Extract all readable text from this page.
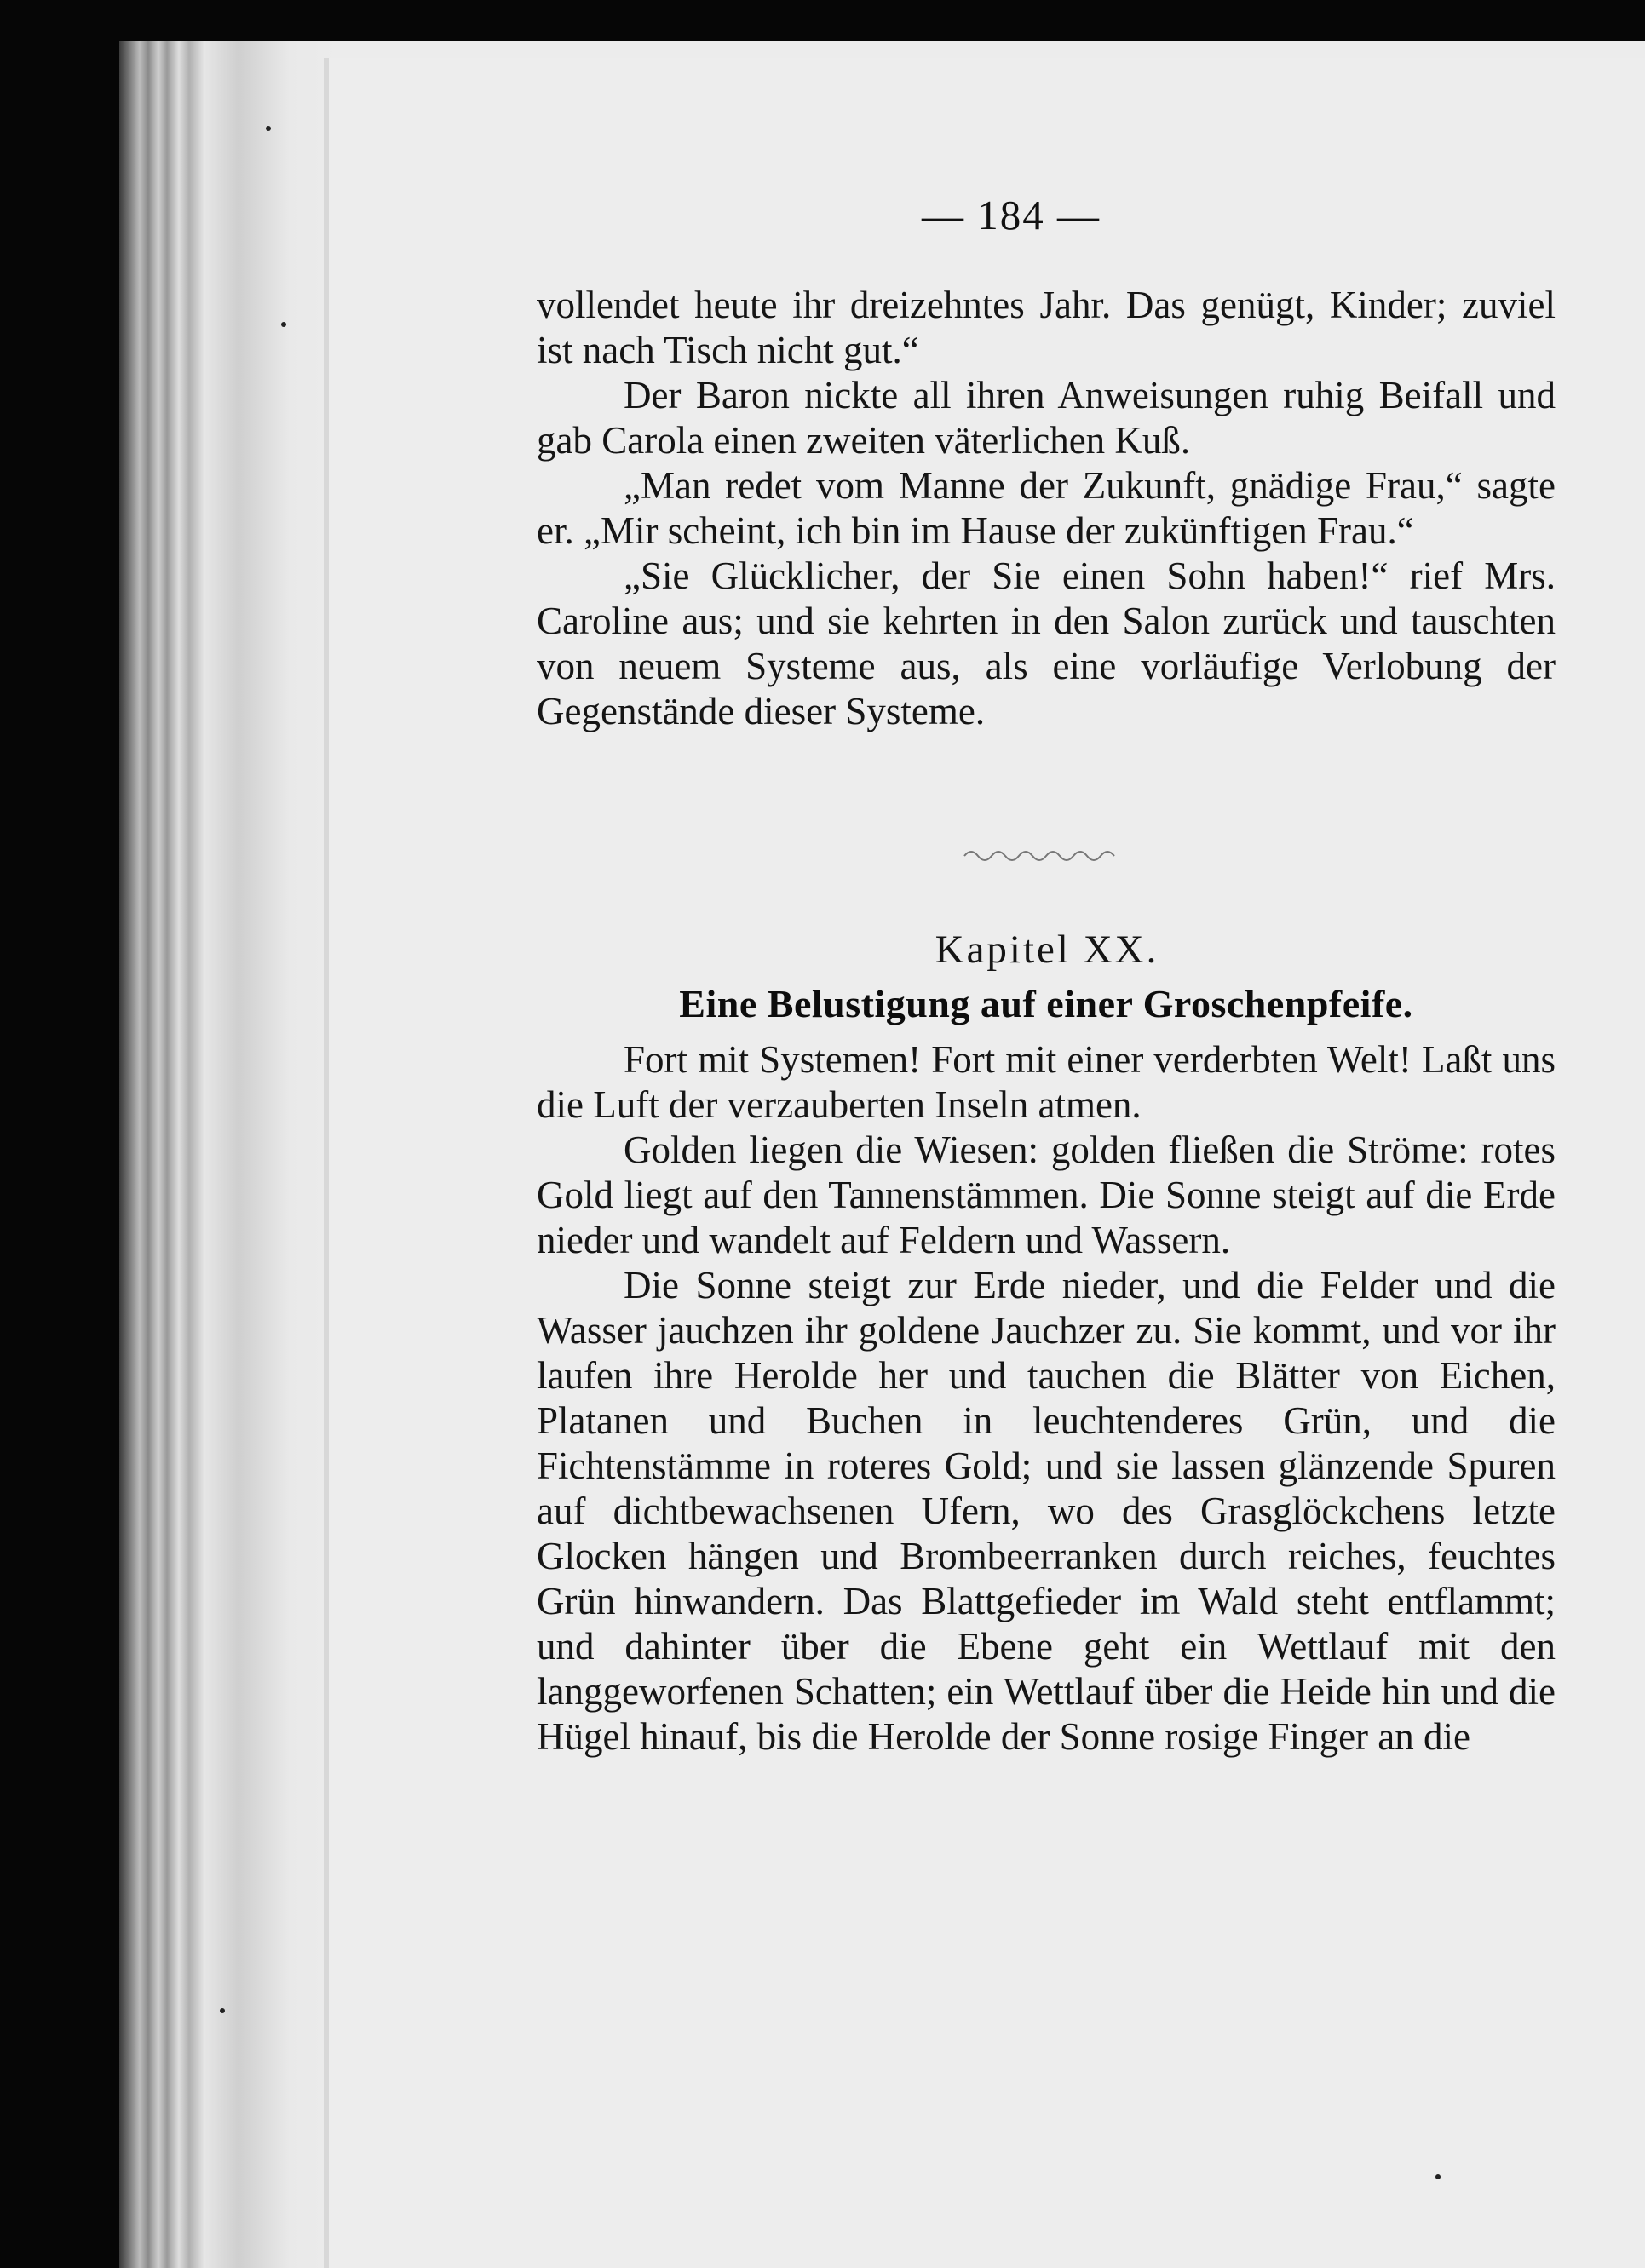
— 184 —

vollendet heute ihr dreizehntes Jahr. Das genügt, Kinder; zuviel ist nach Tisch nicht gut.“

Der Baron nickte all ihren Anweisungen ruhig Beifall und gab Carola einen zweiten väterlichen Kuß.

„Man redet vom Manne der Zukunft, gnädige Frau,“ sagte er. „Mir scheint, ich bin im Hause der zukünftigen Frau.“

„Sie Glücklicher, der Sie einen Sohn haben!“ rief Mrs. Caroline aus; und sie kehrten in den Salon zurück und tauschten von neuem Systeme aus, als eine vorläufige Verlobung der Gegenstände dieser Systeme.

Kapitel XX.
Eine Belustigung auf einer Groschenpfeife.

Fort mit Systemen! Fort mit einer verderbten Welt! Laßt uns die Luft der verzauberten Inseln atmen.

Golden liegen die Wiesen: golden fließen die Ströme: rotes Gold liegt auf den Tannenstämmen. Die Sonne steigt auf die Erde nieder und wandelt auf Feldern und Wassern.

Die Sonne steigt zur Erde nieder, und die Felder und die Wasser jauchzen ihr goldene Jauchzer zu. Sie kommt, und vor ihr laufen ihre Herolde her und tauchen die Blätter von Eichen, Platanen und Buchen in leuchtenderes Grün, und die Fichtenstämme in roteres Gold; und sie lassen glänzende Spuren auf dichtbewachsenen Ufern, wo des Grasglöckchens letzte Glocken hängen und Brombeerranken durch reiches, feuchtes Grün hinwandern. Das Blattgefieder im Wald steht entflammt; und dahinter über die Ebene geht ein Wettlauf mit den langgeworfenen Schatten; ein Wettlauf über die Heide hin und die Hügel hinauf, bis die Herolde der Sonne rosige Finger an die
